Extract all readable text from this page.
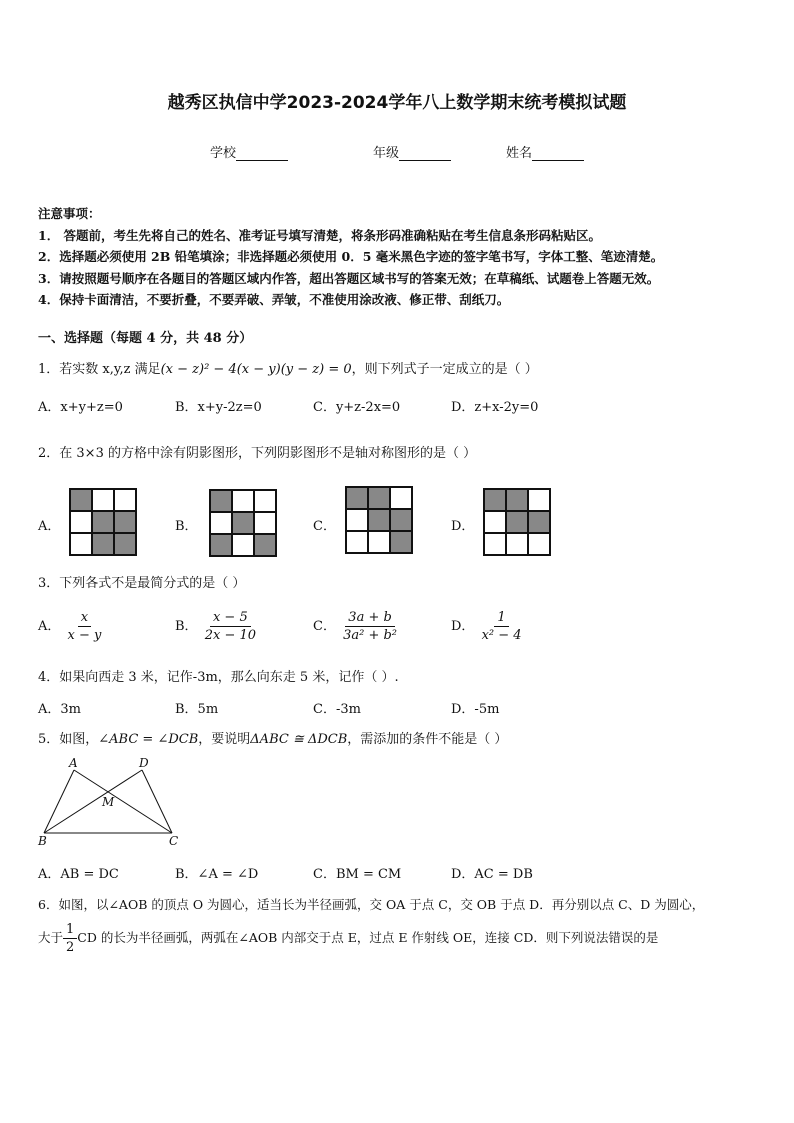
越秀区执信中学2023-2024学年八上数学期末统考模拟试题
学校	年级	姓名
注意事项：
1． 答题前，考生先将自己的姓名、准考证号填写清楚，将条形码准确粘贴在考生信息条形码粘贴区。
2．选择题必须使用 2B 铅笔填涂；非选择题必须使用 0．5 毫米黑色字迹的签字笔书写，字体工整、笔迹清楚。
3．请按照题号顺序在各题目的答题区域内作答，超出答题区域书写的答案无效；在草稿纸、试题卷上答题无效。
4．保持卡面清洁，不要折叠，不要弄破、弄皱，不准使用涂改液、修正带、刮纸刀。
一、选择题（每题 4 分，共 48 分）
1．若实数 x,y,z 满足(x − z)² − 4(x − y)(y − z) = 0，则下列式子一定成立的是（ ）
A．x+y+z=0	B．x+y-2z=0	C．y+z-2x=0	D．z+x-2y=0
2．在 3×3 的方格中涂有阴影图形，下列阴影图形不是轴对称图形的是（ ）
A．	B．	C．	D．
3．下列各式不是最简分式的是（ ）
A． $\frac{x}{x - y}$	B． $\frac{x - 5}{2x - 10}$	C． $\frac{3a + b}{\text{3a² + b²}}$	D． $\frac{1}{\text{x² − 4}}$
4．如果向西走 3 米，记作-3m，那么向东走 5 米，记作（ ）.
A．3m	B．5m	C．-3m	D．-5m
5．如图，∠ABC = ∠DCB，要说明ΔABC ≅ ΔDCB，需添加的条件不能是（ ）
A	D
M
B	C
A．AB = DC	B．∠A = ∠D	C．BM = CM	D．AC = DB
6．如图，以∠AOB 的顶点 O 为圆心，适当长为半径画弧，交 OA 于点 C，交 OB 于点 D．再分别以点 C、D 为圆心，
大于 $\frac{1}{2}$ CD 的长为半径画弧，两弧在∠AOB 内部交于点 E，过点 E 作射线 OE，连接 CD．则下列说法错误的是
